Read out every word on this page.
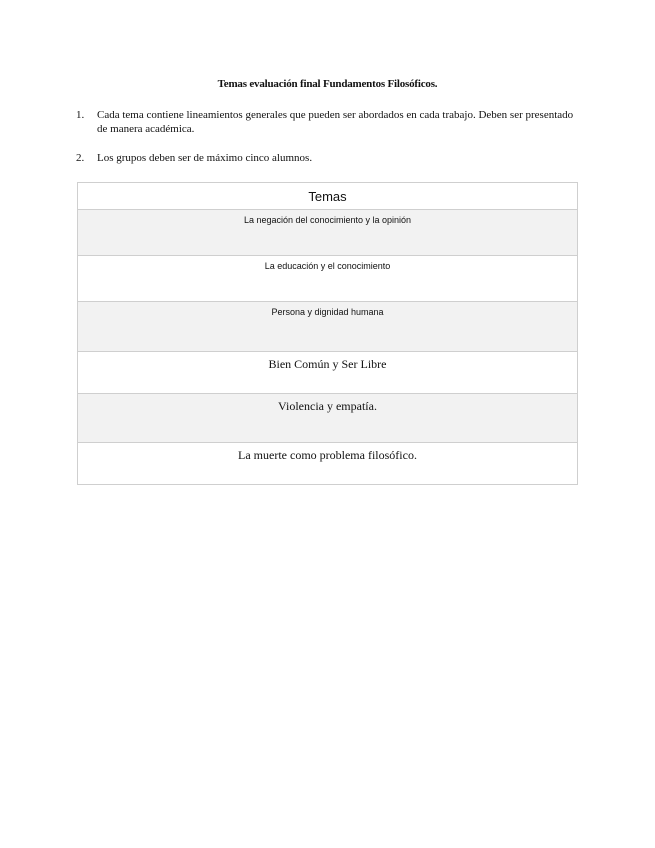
Temas evaluación final Fundamentos Filosóficos.
1.	Cada tema contiene lineamientos generales que pueden ser abordados en cada trabajo. Deben ser presentado de manera académica.
2.	Los grupos deben ser de máximo cinco alumnos.
Temas
La negación del conocimiento y la opinión
La educación y el conocimiento
Persona y dignidad humana
Bien Común y Ser Libre
Violencia y empatía.
La muerte como problema filosófico.
